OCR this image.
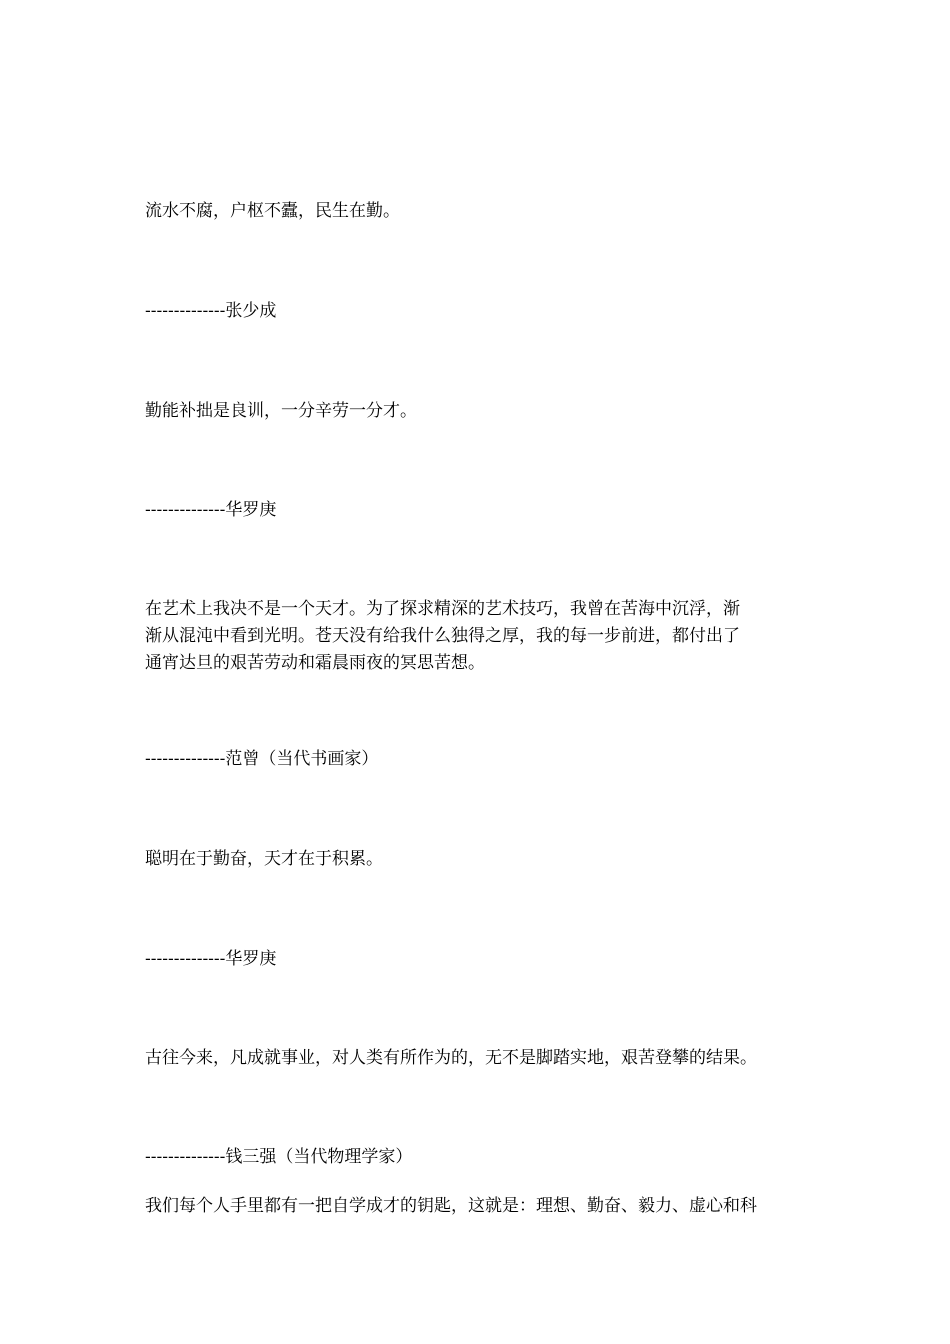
流水不腐，户枢不蠹，民生在勤。
--------------张少成
勤能补拙是良训，一分辛劳一分才。
--------------华罗庚
在艺术上我决不是一个天才。为了探求精深的艺术技巧，我曾在苦海中沉浮，渐
渐从混沌中看到光明。苍天没有给我什么独得之厚，我的每一步前进，都付出了
通宵达旦的艰苦劳动和霜晨雨夜的冥思苦想。
--------------范曾（当代书画家）
聪明在于勤奋，天才在于积累。
--------------华罗庚
古往今来，凡成就事业，对人类有所作为的，无不是脚踏实地，艰苦登攀的结果。
--------------钱三强（当代物理学家）
我们每个人手里都有一把自学成才的钥匙，这就是：理想、勤奋、毅力、虚心和科
